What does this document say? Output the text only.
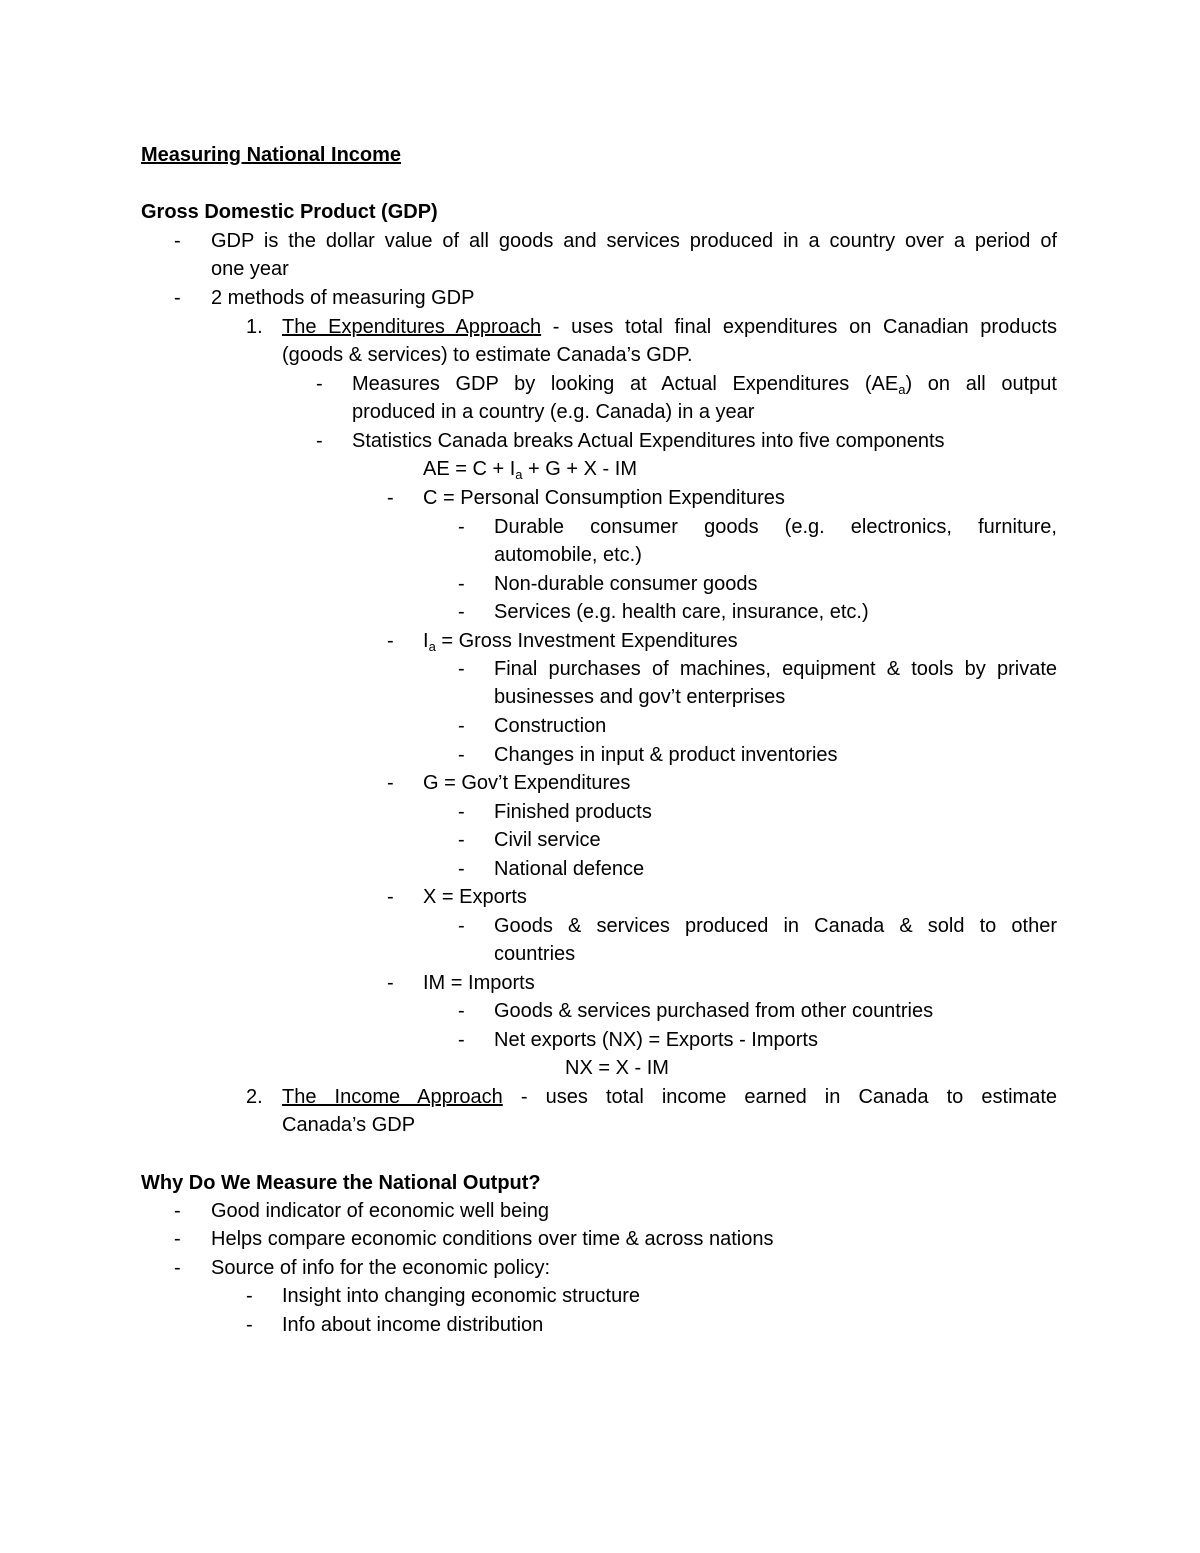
Measuring National Income
Gross Domestic Product (GDP)
- GDP is the dollar value of all goods and services produced in a country over a period of
one year
- 2 methods of measuring GDP
1. The Expenditures Approach - uses total final expenditures on Canadian products
(goods & services) to estimate Canada’s GDP.
- Measures GDP by looking at Actual Expenditures $(AE_a)$ on all output
produced in a country (e.g. Canada) in a year
- Statistics Canada breaks Actual Expenditures into five components
AE = $C + I_a + G + X$ - IM
- C = Personal Consumption Expenditures
- Durable consumer goods (e.g. electronics, furniture,
automobile, etc.)
- Non-durable consumer goods
- Services (e.g. health care, insurance, etc.)
- $I_a$ = Gross Investment Expenditures
- Final purchases of machines, equipment & tools by private
businesses and gov’t enterprises
- Construction
- Changes in input & product inventories
- G = Gov’t Expenditures
- Finished products
- Civil service
- National defence
- X = Exports
- Goods & services produced in Canada & sold to other
countries
- IM = Imports
- Goods & services purchased from other countries
- Net exports (NX) = Exports - Imports
NX = X - IM
2. The Income Approach - uses total income earned in Canada to estimate
Canada’s GDP
Why Do We Measure the National Output?
- Good indicator of economic well being
- Helps compare economic conditions over time & across nations
- Source of info for the economic policy:
- Insight into changing economic structure
- Info about income distribution
